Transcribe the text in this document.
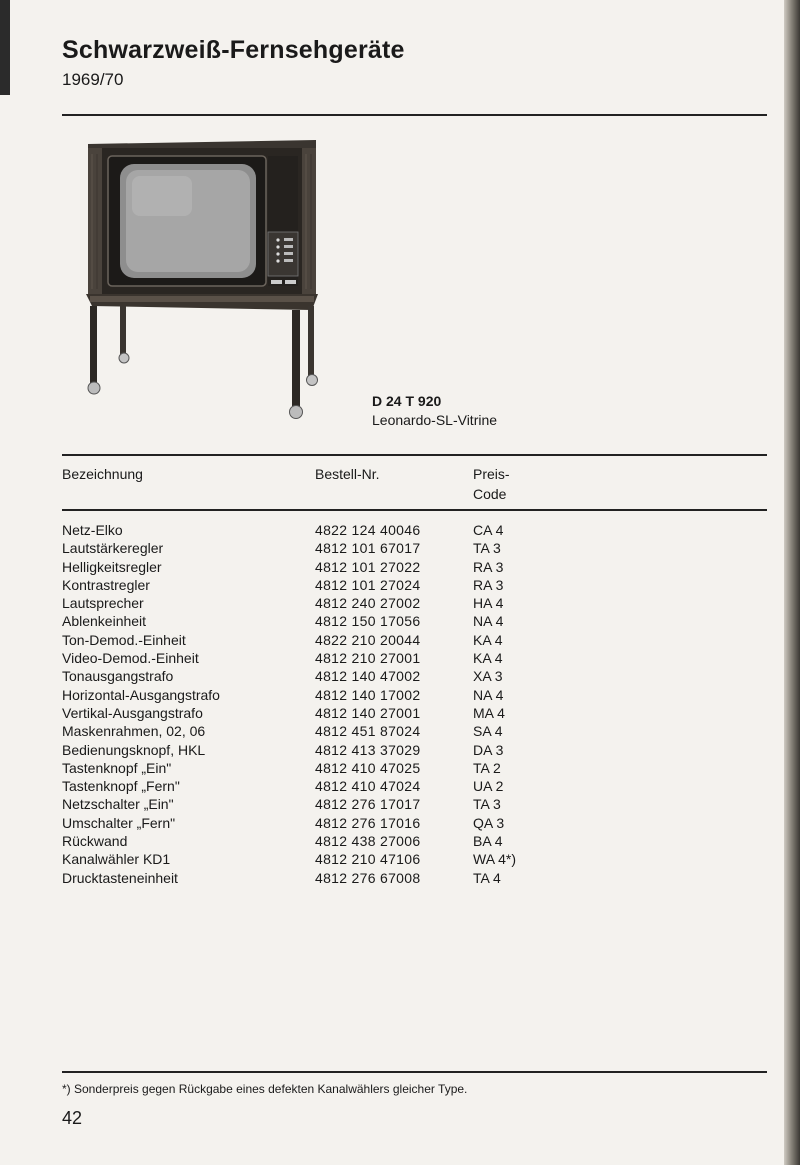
Schwarzweiß-Fernsehgeräte
1969/70
D 24 T 920
Leonardo-SL-Vitrine
Bezeichnung	Bestell-Nr.	Preis-
Code
Netz-Elko	4822 124 40046	CA 4
Lautstärkeregler	4812 101 67017	TA 3
Helligkeitsregler	4812 101 27022	RA 3
Kontrastregler	4812 101 27024	RA 3
Lautsprecher	4812 240 27002	HA 4
Ablenkeinheit	4812 150 17056	NA 4
Ton-Demod.-Einheit	4822 210 20044	KA 4
Video-Demod.-Einheit	4812 210 27001	KA 4
Tonausgangstrafo	4812 140 47002	XA 3
Horizontal-Ausgangstrafo	4812 140 17002	NA 4
Vertikal-Ausgangstrafo	4812 140 27001	MA 4
Maskenrahmen, 02, 06	4812 451 87024	SA 4
Bedienungsknopf, HKL	4812 413 37029	DA 3
Tastenknopf „Ein"	4812 410 47025	TA 2
Tastenknopf „Fern"	4812 410 47024	UA 2
Netzschalter „Ein"	4812 276 17017	TA 3
Umschalter „Fern"	4812 276 17016	QA 3
Rückwand	4812 438 27006	BA 4
Kanalwähler KD1	4812 210 47106	WA 4*)
Drucktasteneinheit	4812 276 67008	TA 4
*) Sonderpreis gegen Rückgabe eines defekten Kanalwählers gleicher Type.
42
